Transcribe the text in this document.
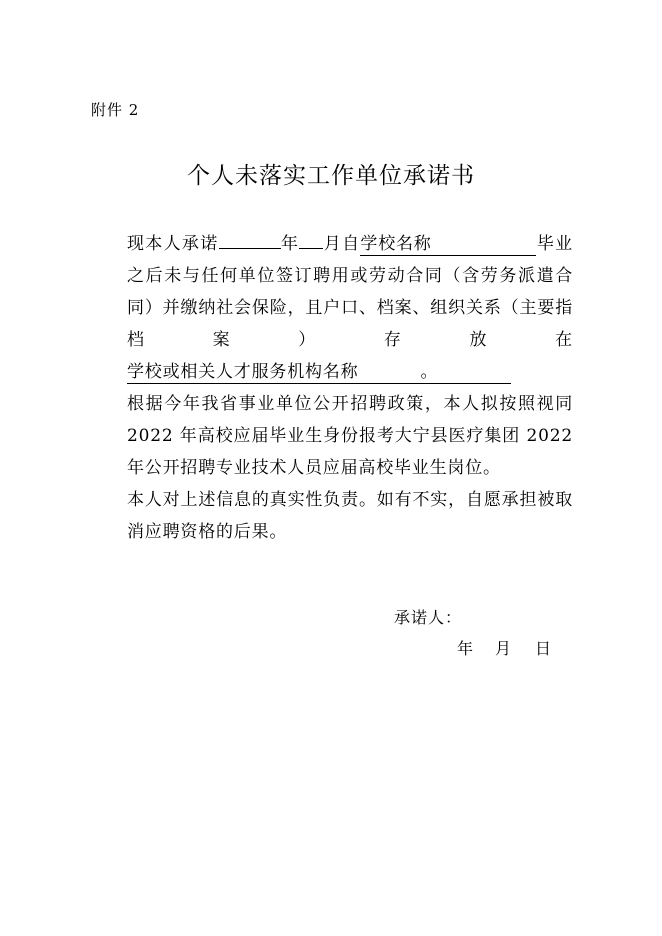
附件 2
个人未落实工作单位承诺书

现本人承诺	年 月自学校名称	毕业之后未与任何单位签订聘用或劳动合同（含劳务派遣合同）并缴纳社会保险，且户口、档案、组织关系（主要指档案）存放在学校或相关人才服务机构名称	。

根据今年我省事业单位公开招聘政策，本人拟按照视同2022 年高校应届毕业生身份报考大宁县医疗集团 2022 年公开招聘专业技术人员应届高校毕业生岗位。

本人对上述信息的真实性负责。如有不实，自愿承担被取消应聘资格的后果。

承诺人：
年 月 日
